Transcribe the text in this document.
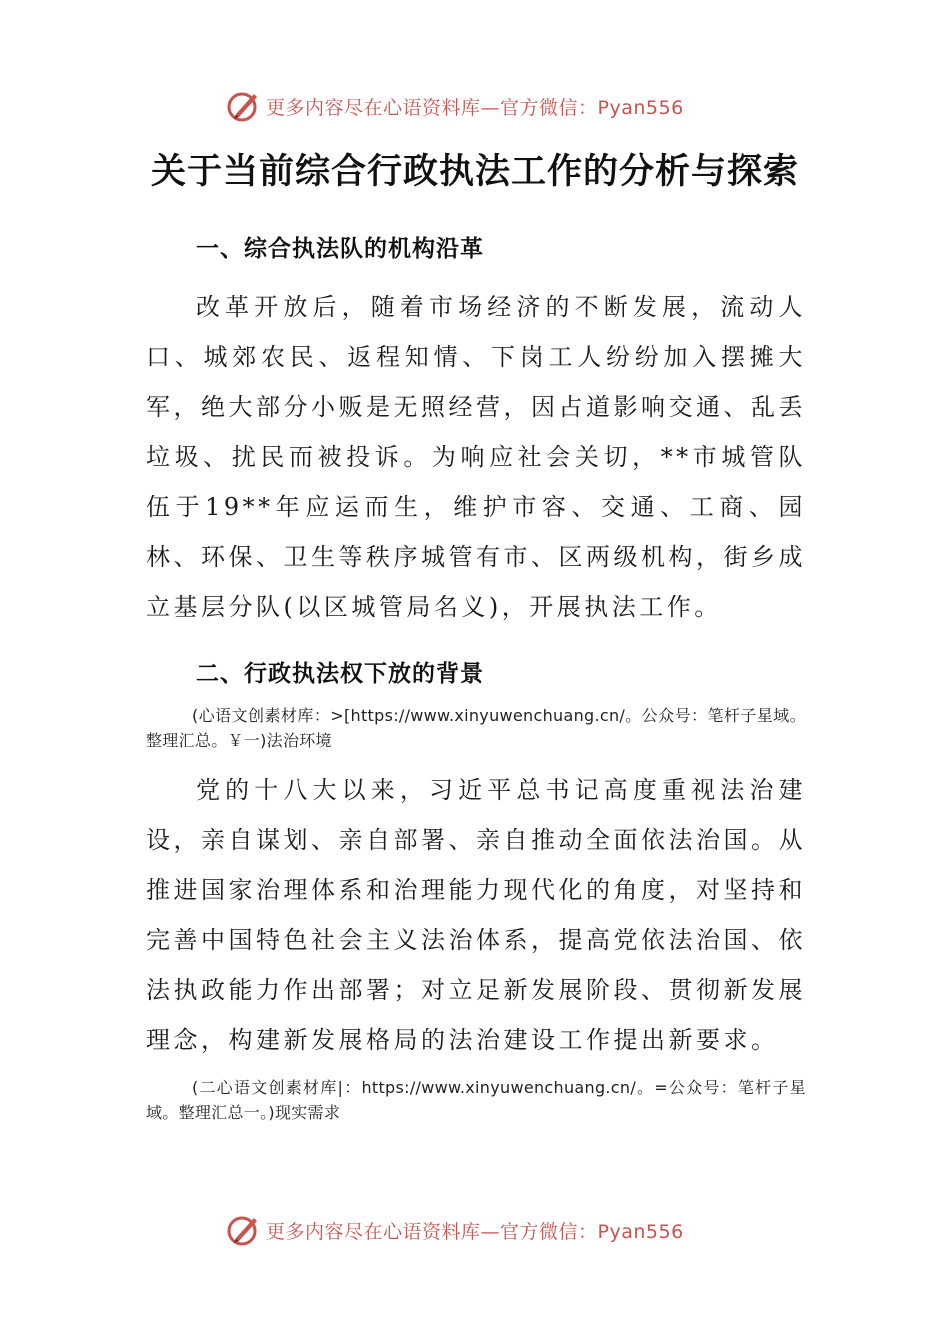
更多内容尽在心语资料库—官方微信：Pyan556
关于当前综合行政执法工作的分析与探索
一、综合执法队的机构沿革

改革开放后，随着市场经济的不断发展，流动人口、城郊农民、返程知情、下岗工人纷纷加入摆摊大军，绝大部分小贩是无照经营，因占道影响交通、乱丢垃圾、扰民而被投诉。为响应社会关切，**市城管队伍于19**年应运而生，维护市容、交通、工商、园林、环保、卫生等秩序城管有市、区两级机构，街乡成立基层分队(以区城管局名义)，开展执法工作。

二、行政执法权下放的背景
(心语文创素材库：>[https://www.xinyuwenchuang.cn/。公众号：笔杆子星域。整理汇总。￥一)法治环境

党的十八大以来，习近平总书记高度重视法治建设，亲自谋划、亲自部署、亲自推动全面依法治国。从推进国家治理体系和治理能力现代化的角度，对坚持和完善中国特色社会主义法治体系，提高党依法治国、依法执政能力作出部署；对立足新发展阶段、贯彻新发展理念，构建新发展格局的法治建设工作提出新要求。

(二心语文创素材库|：https://www.xinyuwenchuang.cn/。=公众号：笔杆子星域。整理汇总一。)现实需求
更多内容尽在心语资料库—官方微信：Pyan556
